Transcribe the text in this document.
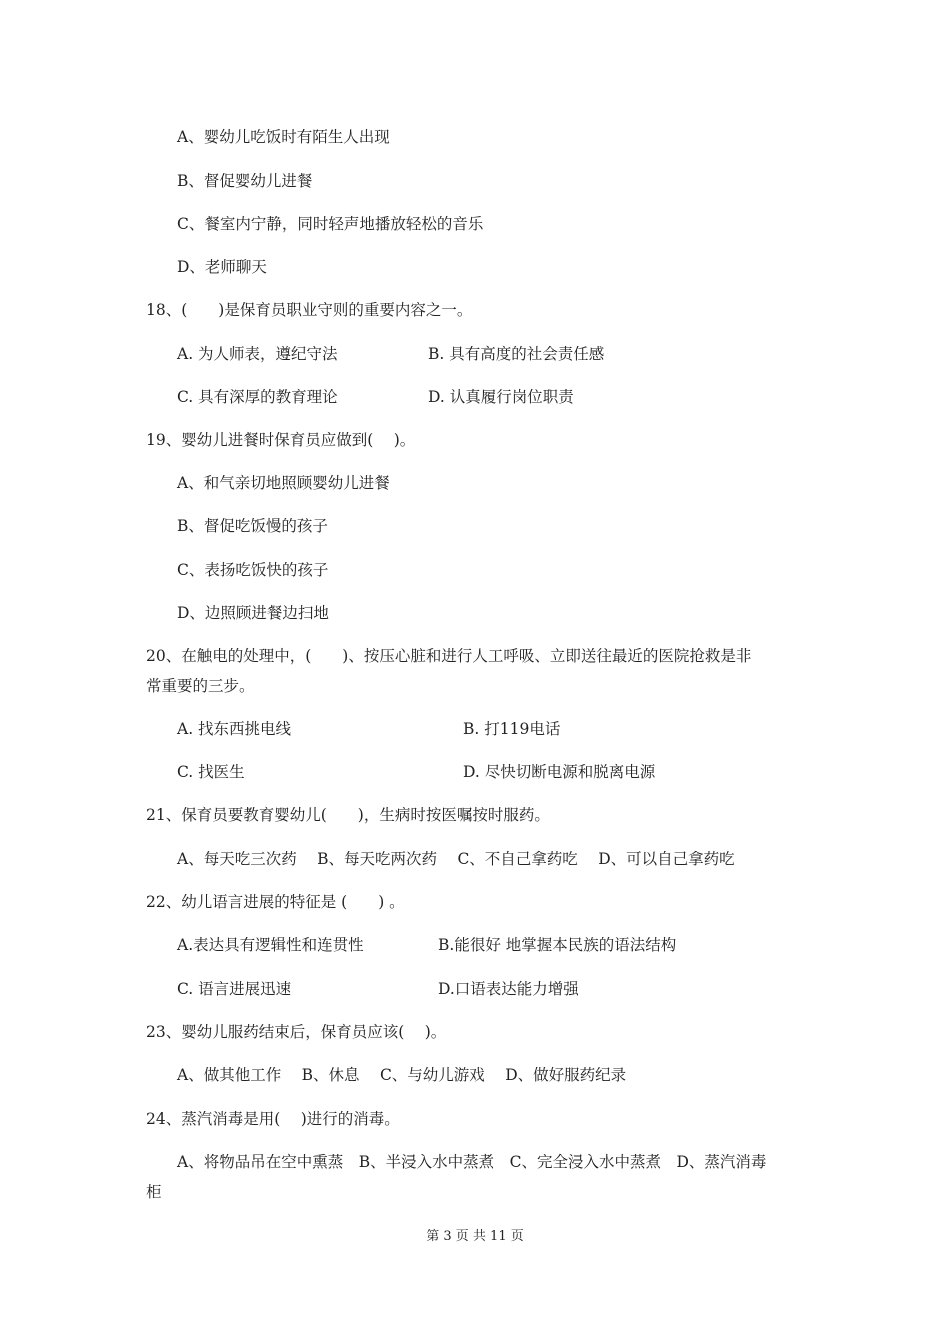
A、婴幼儿吃饭时有陌生人出现
B、督促婴幼儿进餐
C、餐室内宁静，同时轻声地播放轻松的音乐
D、老师聊天
18、(　　)是保育员职业守则的重要内容之一。
A. 为人师表，遵纪守法	B. 具有高度的社会责任感
C. 具有深厚的教育理论	D. 认真履行岗位职责
19、婴幼儿进餐时保育员应做到(　 )。
A、和气亲切地照顾婴幼儿进餐
B、督促吃饭慢的孩子
C、表扬吃饭快的孩子
D、边照顾进餐边扫地
20、在触电的处理中，(　　)、按压心脏和进行人工呼吸、立即送往最近的医院抢救是非
常重要的三步。
A. 找东西挑电线	B. 打119电话
C. 找医生	D. 尽快切断电源和脱离电源
21、保育员要教育婴幼儿(　　)，生病时按医嘱按时服药。
A、每天吃三次药　 B、每天吃两次药　 C、不自己拿药吃　 D、可以自己拿药吃
22、幼儿语言进展的特征是 (　　) 。
A.表达具有逻辑性和连贯性	B.能很好 地掌握本民族的语法结构
C. 语言进展迅速	D.口语表达能力增强
23、婴幼儿服药结束后，保育员应该(　 )。
A、做其他工作　 B、休息　 C、与幼儿游戏　 D、做好服药纪录
24、蒸汽消毒是用(　 )进行的消毒。
A、将物品吊在空中熏蒸　B、半浸入水中蒸煮　C、完全浸入水中蒸煮　D、蒸汽消毒
柜
第 3 页 共 11 页
